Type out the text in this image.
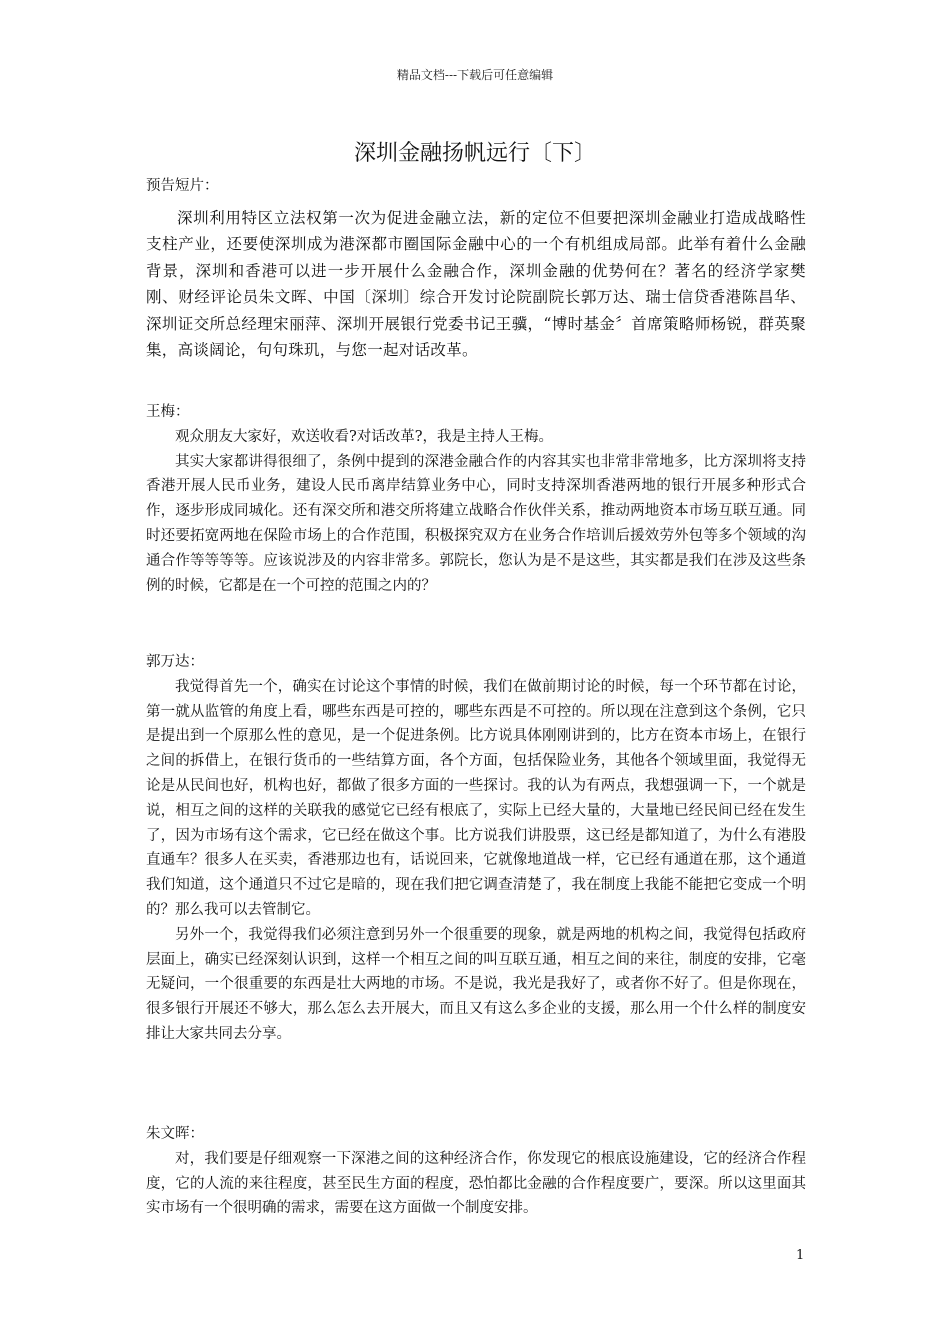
精品文档---下载后可任意编辑
深圳金融扬帆远行〔下〕

预告短片：

深圳利用特区立法权第一次为促进金融立法，新的定位不但要把深圳金融业打造成战略性支柱产业，还要使深圳成为港深都市圈国际金融中心的一个有机组成局部。此举有着什么金融背景，深圳和香港可以进一步开展什么金融合作，深圳金融的优势何在？著名的经济学家樊刚、财经评论员朱文晖、中国〔深圳〕综合开发讨论院副院长郭万达、瑞士信贷香港陈昌华、深圳证交所总经理宋丽萍、深圳开展银行党委书记王骥，“博时基金〞首席策略师杨锐，群英聚集，高谈阔论，句句珠玑，与您一起对话改革。

王梅：

观众朋友大家好，欢送收看?对话改革?，我是主持人王梅。

其实大家都讲得很细了，条例中提到的深港金融合作的内容其实也非常非常地多，比方深圳将支持香港开展人民币业务，建设人民币离岸结算业务中心，同时支持深圳香港两地的银行开展多种形式合作，逐步形成同城化。还有深交所和港交所将建立战略合作伙伴关系，推动两地资本市场互联互通。同时还要拓宽两地在保险市场上的合作范围，积极探究双方在业务合作培训后援效劳外包等多个领域的沟通合作等等等等。应该说涉及的内容非常多。郭院长，您认为是不是这些，其实都是我们在涉及这些条例的时候，它都是在一个可控的范围之内的？

郭万达：

我觉得首先一个，确实在讨论这个事情的时候，我们在做前期讨论的时候，每一个环节都在讨论，第一就从监管的角度上看，哪些东西是可控的，哪些东西是不可控的。所以现在注意到这个条例，它只是提出到一个原那么性的意见，是一个促进条例。比方说具体刚刚讲到的，比方在资本市场上，在银行之间的拆借上，在银行货币的一些结算方面，各个方面，包括保险业务，其他各个领域里面，我觉得无论是从民间也好，机构也好，都做了很多方面的一些探讨。我的认为有两点，我想强调一下，一个就是说，相互之间的这样的关联我的感觉它已经有根底了，实际上已经大量的，大量地已经民间已经在发生了，因为市场有这个需求，它已经在做这个事。比方说我们讲股票，这已经是都知道了，为什么有港股直通车？很多人在买卖，香港那边也有，话说回来，它就像地道战一样，它已经有通道在那，这个通道我们知道，这个通道只不过它是暗的，现在我们把它调查清楚了，我在制度上我能不能把它变成一个明的？那么我可以去管制它。

另外一个，我觉得我们必须注意到另外一个很重要的现象，就是两地的机构之间，我觉得包括政府层面上，确实已经深刻认识到，这样一个相互之间的叫互联互通，相互之间的来往，制度的安排，它毫无疑问，一个很重要的东西是壮大两地的市场。不是说，我光是我好了，或者你不好了。但是你现在，很多银行开展还不够大，那么怎么去开展大，而且又有这么多企业的支援，那么用一个什么样的制度安排让大家共同去分享。

朱文晖：

对，我们要是仔细观察一下深港之间的这种经济合作，你发现它的根底设施建设，它的经济合作程度，它的人流的来往程度，甚至民生方面的程度，恐怕都比金融的合作程度要广，要深。所以这里面其实市场有一个很明确的需求，需要在这方面做一个制度安排。

1
